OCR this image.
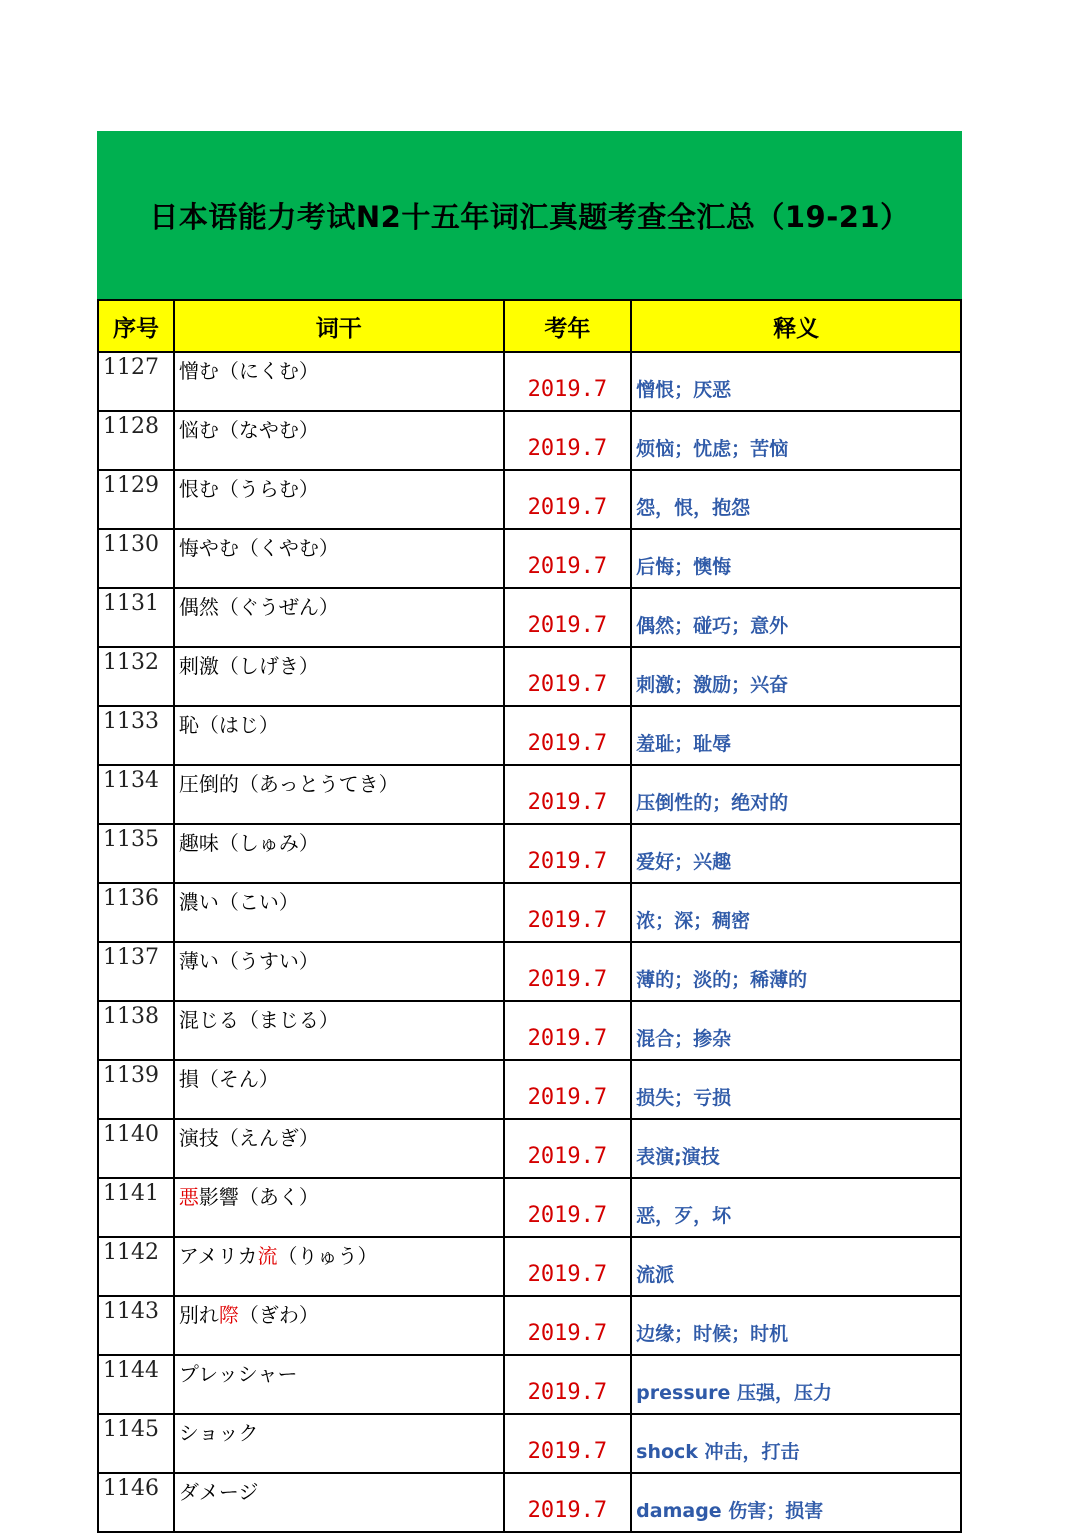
日本语能力考试N2十五年词汇真题考查全汇总（19-21）
序号	词干	考年	释义
1127	憎む（にくむ）	2019.7	憎恨；厌恶
1128	悩む（なやむ）	2019.7	烦恼；忧虑；苦恼
1129	恨む（うらむ）	2019.7	怨，恨，抱怨
1130	悔やむ（くやむ）	2019.7	后悔；懊悔
1131	偶然（ぐうぜん）	2019.7	偶然；碰巧；意外
1132	刺激（しげき）	2019.7	刺激；激励；兴奋
1133	恥（はじ）	2019.7	羞耻；耻辱
1134	圧倒的（あっとうてき）	2019.7	压倒性的；绝对的
1135	趣味（しゅみ）	2019.7	爱好；兴趣
1136	濃い（こい）	2019.7	浓；深；稠密
1137	薄い（うすい）	2019.7	薄的；淡的；稀薄的
1138	混じる（まじる）	2019.7	混合；掺杂
1139	損（そん）	2019.7	损失；亏损
1140	演技（えんぎ）	2019.7	表演;演技
1141	悪影響（あく）	2019.7	恶，歹，坏
1142	アメリカ流（りゅう）	2019.7	流派
1143	別れ際（ぎわ）	2019.7	边缘；时候；时机
1144	プレッシャー	2019.7	pressure 压强，压力
1145	ショック	2019.7	shock 冲击，打击
1146	ダメージ	2019.7	damage 伤害；损害
